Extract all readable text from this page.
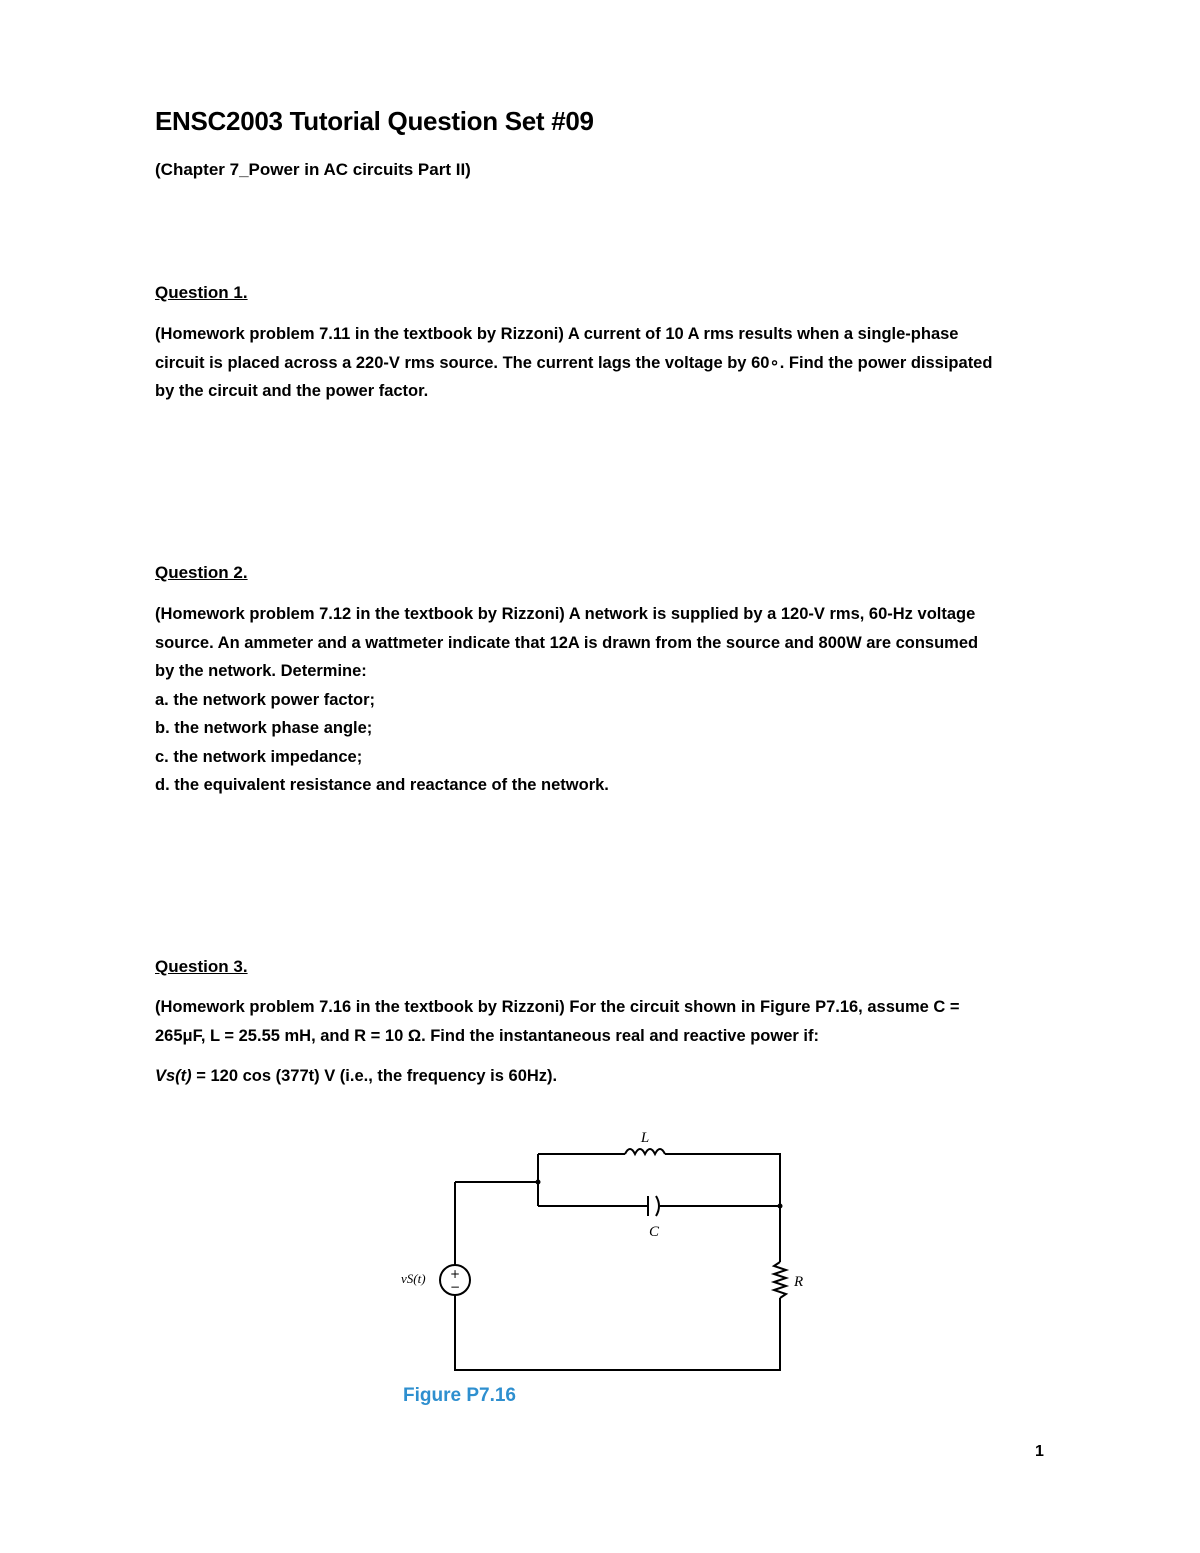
ENSC2003 Tutorial Question Set #09
(Chapter 7_Power in AC circuits Part II)
Question 1.
(Homework problem 7.11 in the textbook by Rizzoni) A current of 10 A rms results when a single-phase
circuit is placed across a 220-V rms source. The current lags the voltage by 60∘. Find the power dissipated
by the circuit and the power factor.
Question 2.
(Homework problem 7.12 in the textbook by Rizzoni) A network is supplied by a 120-V rms, 60-Hz voltage
source. An ammeter and a wattmeter indicate that 12A is drawn from the source and 800W are consumed
by the network. Determine:
a. the network power factor;
b. the network phase angle;
c. the network impedance;
d. the equivalent resistance and reactance of the network.
Question 3.
(Homework problem 7.16 in the textbook by Rizzoni) For the circuit shown in Figure P7.16, assume C =
265μF, L = 25.55 mH, and R = 10 Ω. Find the instantaneous real and reactive power if:
Vs(t) = 120 cos (377t) V (i.e., the frequency is 60Hz).
L
C
R
vS(t) +
−
Figure P7.16
1
